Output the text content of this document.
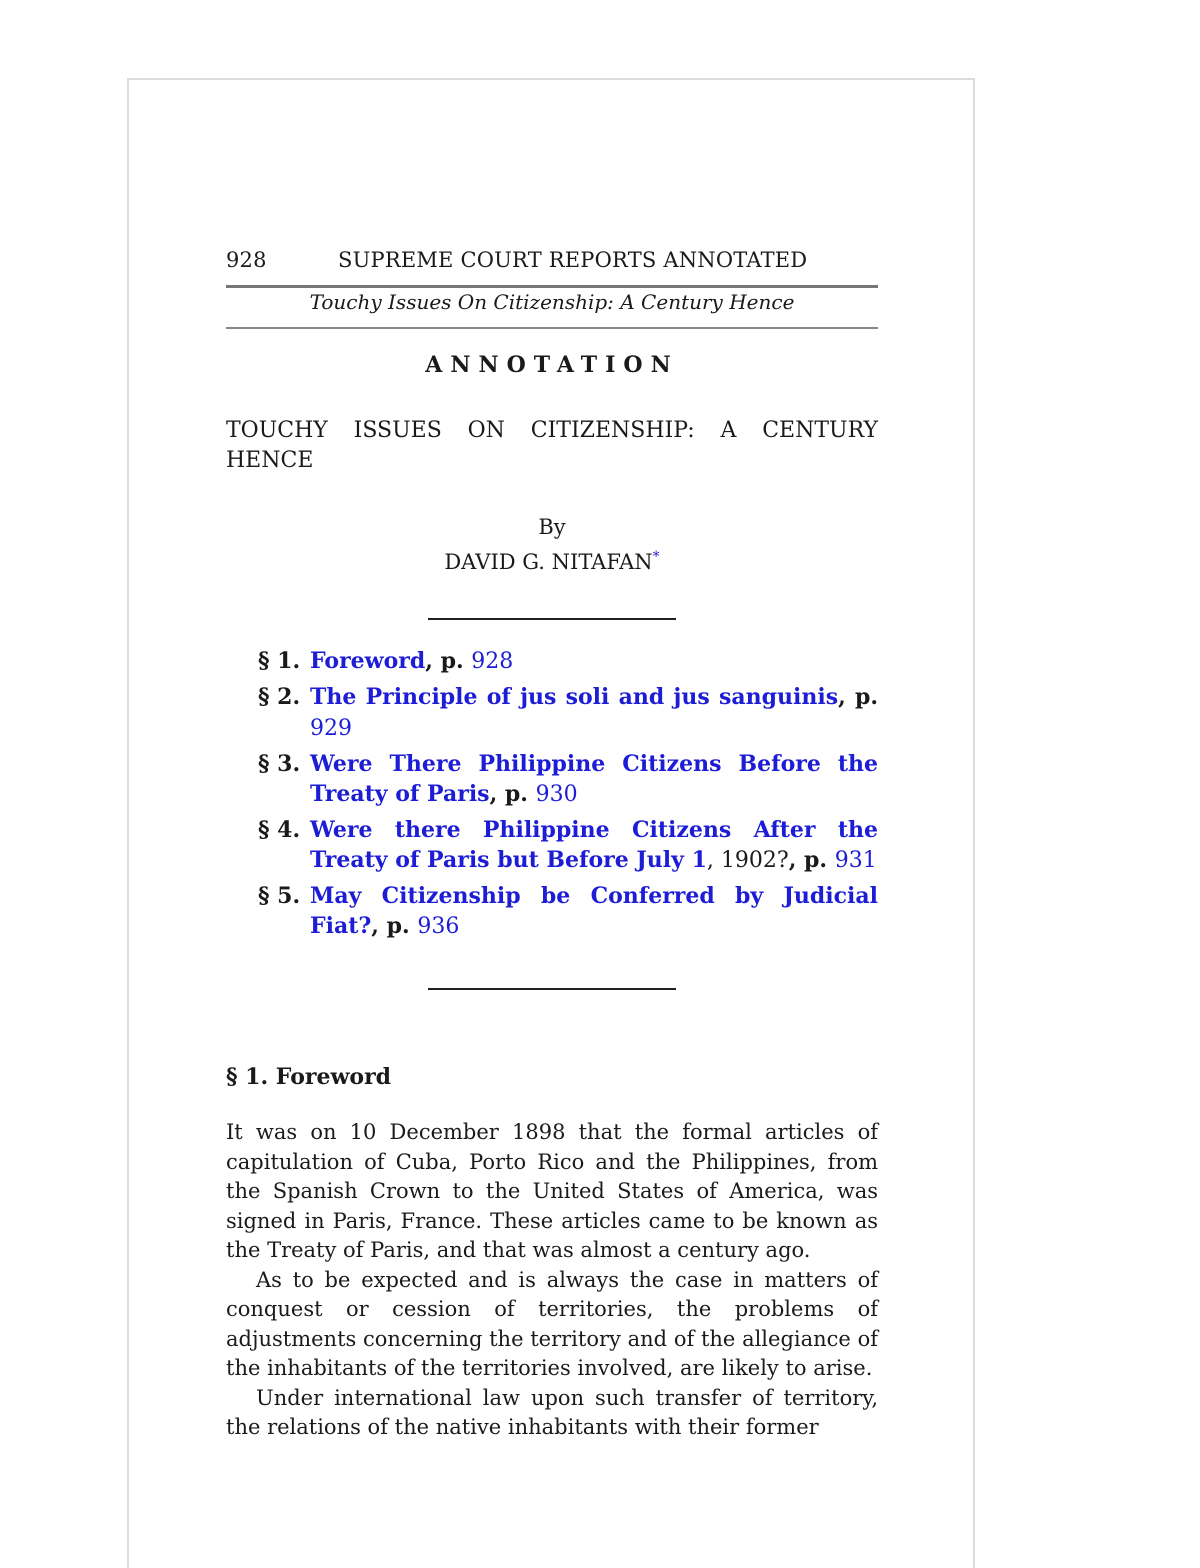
928	SUPREME COURT REPORTS ANNOTATED
Touchy Issues On Citizenship: A Century Hence
ANNOTATION
TOUCHY ISSUES ON CITIZENSHIP: A CENTURY HENCE
By
DAVID G. NITAFAN*
§ 1. Foreword, p. 928
§ 2. The Principle of jus soli and jus sanguinis, p. 929
§ 3. Were There Philippine Citizens Before the Treaty of Paris, p. 930
§ 4. Were there Philippine Citizens After the Treaty of Paris but Before July 1, 1902?, p. 931
§ 5. May Citizenship be Conferred by Judicial Fiat?, p. 936
§ 1. Foreword

It was on 10 December 1898 that the formal articles of capitulation of Cuba, Porto Rico and the Philippines, from the Spanish Crown to the United States of America, was signed in Paris, France. These articles came to be known as the Treaty of Paris, and that was almost a century ago.

As to be expected and is always the case in matters of conquest or cession of territories, the problems of adjustments concerning the territory and of the allegiance of the inhabitants of the territories involved, are likely to arise.

Under international law upon such transfer of territory, the relations of the native inhabitants with their former
